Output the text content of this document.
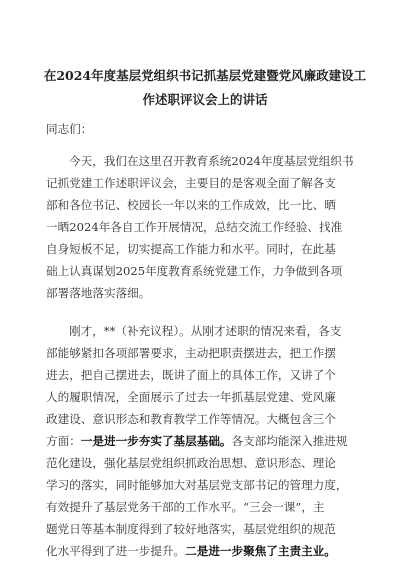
在2024年度基层党组织书记抓基层党建暨党风廉政建设工
作述职评议会上的讲话
同志们：
今天，我们在这里召开教育系统2024年度基层党组织书
记抓党建工作述职评议会，主要目的是客观全面了解各支
部和各位书记、校园长一年以来的工作成效，比一比、晒
一晒2024年各自工作开展情况，总结交流工作经验、找准
自身短板不足，切实提高工作能力和水平。同时，在此基
础上认真谋划2025年度教育系统党建工作，力争做到各项
部署落地落实落细。
刚才，**（补充议程）。从刚才述职的情况来看，各支
部能够紧扣各项部署要求，主动把职责摆进去，把工作摆
进去，把自己摆进去，既讲了面上的具体工作，又讲了个
人的履职情况，全面展示了过去一年抓基层党建、党风廉
政建设、意识形态和教育教学工作等情况。大概包含三个
方面：一是进一步夯实了基层基础。各支部均能深入推进规
范化建设，强化基层党组织抓政治思想、意识形态、理论
学习的落实，同时能够加大对基层党支部书记的管理力度，
有效提升了基层党务干部的工作水平。“三会一课”，主
题党日等基本制度得到了较好地落实，基层党组织的规范
化水平得到了进一步提升。二是进一步聚焦了主责主业。
